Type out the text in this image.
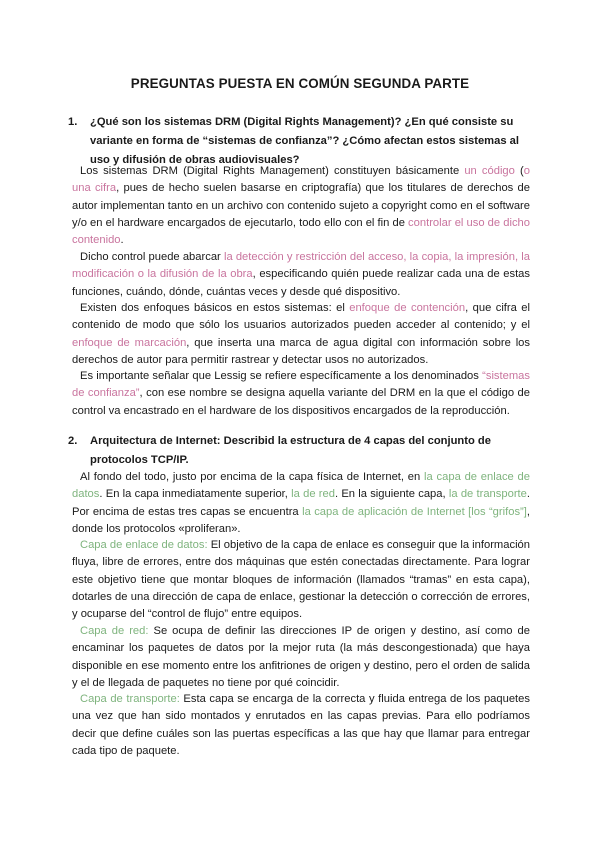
PREGUNTAS PUESTA EN COMÚN SEGUNDA PARTE
1. ¿Qué son los sistemas DRM (Digital Rights Management)? ¿En qué consiste su variante en forma de “sistemas de confianza”? ¿Cómo afectan estos sistemas al uso y difusión de obras audiovisuales?
Los sistemas DRM (Digital Rights Management) constituyen básicamente un código (o una cifra, pues de hecho suelen basarse en criptografía) que los titulares de derechos de autor implementan tanto en un archivo con contenido sujeto a copyright como en el software y/o en el hardware encargados de ejecutarlo, todo ello con el fin de controlar el uso de dicho contenido.
Dicho control puede abarcar la detección y restricción del acceso, la copia, la impresión, la modificación o la difusión de la obra, especificando quién puede realizar cada una de estas funciones, cuándo, dónde, cuántas veces y desde qué dispositivo.
Existen dos enfoques básicos en estos sistemas: el enfoque de contención, que cifra el contenido de modo que sólo los usuarios autorizados pueden acceder al contenido; y el enfoque de marcación, que inserta una marca de agua digital con información sobre los derechos de autor para permitir rastrear y detectar usos no autorizados.
Es importante señalar que Lessig se refiere específicamente a los denominados “sistemas de confianza”, con ese nombre se designa aquella variante del DRM en la que el código de control va encastrado en el hardware de los dispositivos encargados de la reproducción.
2. Arquitectura de Internet: Describid la estructura de 4 capas del conjunto de protocolos TCP/IP.
Al fondo del todo, justo por encima de la capa física de Internet, en la capa de enlace de datos. En la capa inmediatamente superior, la de red. En la siguiente capa, la de transporte. Por encima de estas tres capas se encuentra la capa de aplicación de Internet [los “grifos”], donde los protocolos «proliferan».
Capa de enlace de datos: El objetivo de la capa de enlace es conseguir que la información fluya, libre de errores, entre dos máquinas que estén conectadas directamente. Para lograr este objetivo tiene que montar bloques de información (llamados “tramas” en esta capa), dotarles de una dirección de capa de enlace, gestionar la detección o corrección de errores, y ocuparse del “control de flujo” entre equipos.
Capa de red: Se ocupa de definir las direcciones IP de origen y destino, así como de encaminar los paquetes de datos por la mejor ruta (la más descongestionada) que haya disponible en ese momento entre los anfitriones de origen y destino, pero el orden de salida y el de llegada de paquetes no tiene por qué coincidir.
Capa de transporte: Esta capa se encarga de la correcta y fluida entrega de los paquetes una vez que han sido montados y enrutados en las capas previas. Para ello podríamos decir que define cuáles son las puertas específicas a las que hay que llamar para entregar cada tipo de paquete.
